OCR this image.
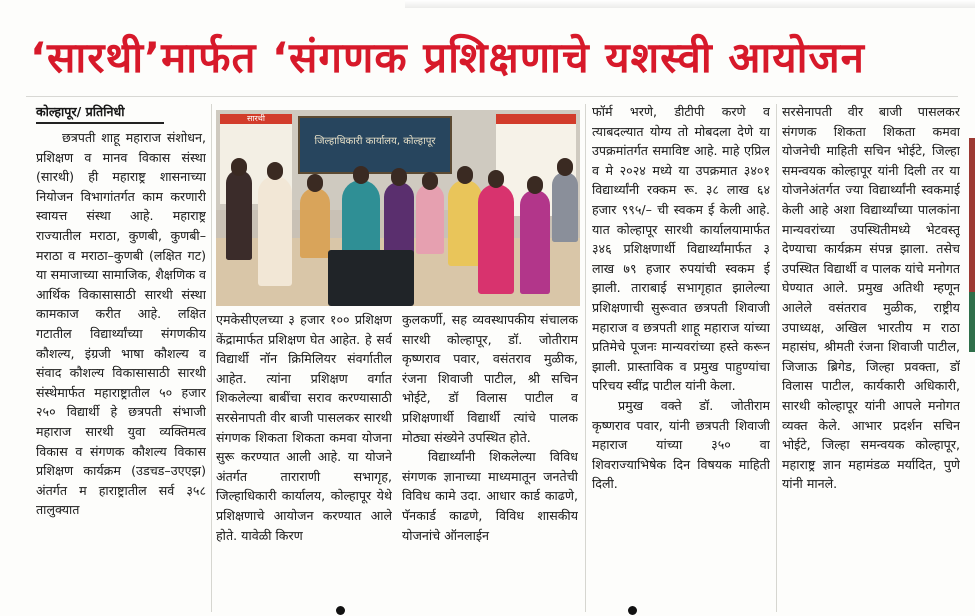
‘सारथी’मार्फत ‘संगणक प्रशिक्षणाचे यशस्वी आयोजन
कोल्हापूर/ प्रतिनिधी	सारथी
जिल्हाधिकारी कार्यालय, कोल्हापूर

छत्रपती शाहू महाराज संशोधन, प्रशिक्षण व मानव विकास संस्था (सारथी) ही महाराष्ट्र शासनाच्या नियोजन विभागांतर्गत काम करणारी स्वायत्त संस्था आहे. महाराष्ट्र राज्यातील मराठा, कुणबी, कुणबी–मराठा व मराठा–कुणबी (लक्षित गट) या समाजाच्या सामाजिक, शैक्षणिक व आर्थिक विकासासाठी सारथी संस्था कामकाज करीत आहे. लक्षित गटातील विद्यार्थ्यांच्या संगणकीय कौशल्य, इंग्रजी भाषा कौशल्य व संवाद कौशल्य विकासासाठी सारथी संस्थेमार्फत महाराष्ट्रातील ५० हजार २५० विद्यार्थी हे छत्रपती संभाजी महाराज सारथी युवा व्यक्तिमत्व विकास व संगणक कौशल्य विकास प्रशिक्षण कार्यक्रम (उडचड–उएएझ) अंतर्गत म हाराष्ट्रातील सर्व ३५८ तालुक्यात

एमकेसीएलच्या ३ हजार १०० प्रशिक्षण केंद्रामार्फत प्रशिक्षण घेत आहेत. हे सर्व विद्यार्थी नॉन क्रिमिलियर संवर्गातील आहेत. त्यांना प्रशिक्षण वर्गात शिकलेल्या बाबींचा सराव करण्यासाठी सरसेनापती वीर बाजी पासलकर सारथी संगणक शिकता शिकता कमवा योजना सुरू करण्यात आली आहे. या योजने अंतर्गत ताराराणी सभागृह, जिल्हाधिकारी कार्यालय, कोल्हापूर येथे प्रशिक्षणाचे आयोजन करण्यात आले होते. यावेळी किरण

कुलकर्णी, सह व्यवस्थापकीय संचालक सारथी कोल्हापूर, डॉ. जोतीराम कृष्णराव पवार, वसंतराव मुळीक, रंजना शिवाजी पाटील, श्री सचिन भोईटे, डॉ विलास पाटील व प्रशिक्षणार्थी विद्यार्थी त्यांचे पालक मोठ्या संख्येने उपस्थित होते.

विद्यार्थ्यांनी शिकलेल्या विविध संगणक ज्ञानाच्या माध्यमातून जनतेची विविध कामे उदा. आधार कार्ड काढणे, पॅनकार्ड काढणे, विविध शासकीय योजनांचे ऑनलाईन

फॉर्म भरणे, डीटीपी करणे व त्याबदल्यात योग्य तो मोबदला देणे या उपक्रमांतर्गत समाविष्ट आहे. माहे एप्रिल व मे २०२४ मध्ये या उपक्रमात ३४०१ विद्यार्थ्यांनी रक्कम रू. ३८ लाख ६४ हजार ९९५/– ची स्वकम ई केली आहे. यात कोल्हापूर सारथी कार्यालयामार्फत ३४६ प्रशिक्षणार्थी विद्यार्थ्यांमार्फत ३ लाख ७९ हजार रुपयांची स्वकम ई झाली. ताराबाई सभागृहात झालेल्या प्रशिक्षणाची सुरूवात छत्रपती शिवाजी महाराज व छत्रपती शाहू महाराज यांच्या प्रतिमेचे पूजनः मान्यवरांच्या हस्ते करून झाली. प्रास्ताविक व प्रमुख पाहुण्यांचा परिचय स्वींद्र पाटील यांनी केला.

प्रमुख वक्ते डॉ. जोतीराम कृष्णराव पवार, यांनी छत्रपती शिवाजी महाराज यांच्या ३५० वा शिवराज्याभिषेक दिन विषयक माहिती दिली.

सरसेनापती वीर बाजी पासलकर संगणक शिकता शिकता कमवा योजनेची माहिती सचिन भोईटे, जिल्हा समन्वयक कोल्हापूर यांनी दिली तर या योजनेअंतर्गत ज्या विद्यार्थ्यांनी स्वकमाई केली आहे अशा विद्यार्थ्यांच्या पालकांना मान्यवरांच्या उपस्थितीमध्ये भेटवस्तू देण्याचा कार्यक्रम संपन्न झाला. तसेच उपस्थित विद्यार्थी व पालक यांचे मनोगत घेण्यात आले. प्रमुख अतिथी म्हणून आलेले वसंतराव मुळीक, राष्ट्रीय उपाध्यक्ष, अखिल भारतीय म राठा महासंघ, श्रीमती रंजना शिवाजी पाटील, जिजाऊ ब्रिगेड, जिल्हा प्रवक्ता, डॉ विलास पाटील, कार्यकारी अधिकारी, सारथी कोल्हापूर यांनी आपले मनोगत व्यक्त केले. आभार प्रदर्शन सचिन भोईटे, जिल्हा समन्वयक कोल्हापूर, महाराष्ट्र ज्ञान महामंडळ मर्यादित, पुणे यांनी मानले.
